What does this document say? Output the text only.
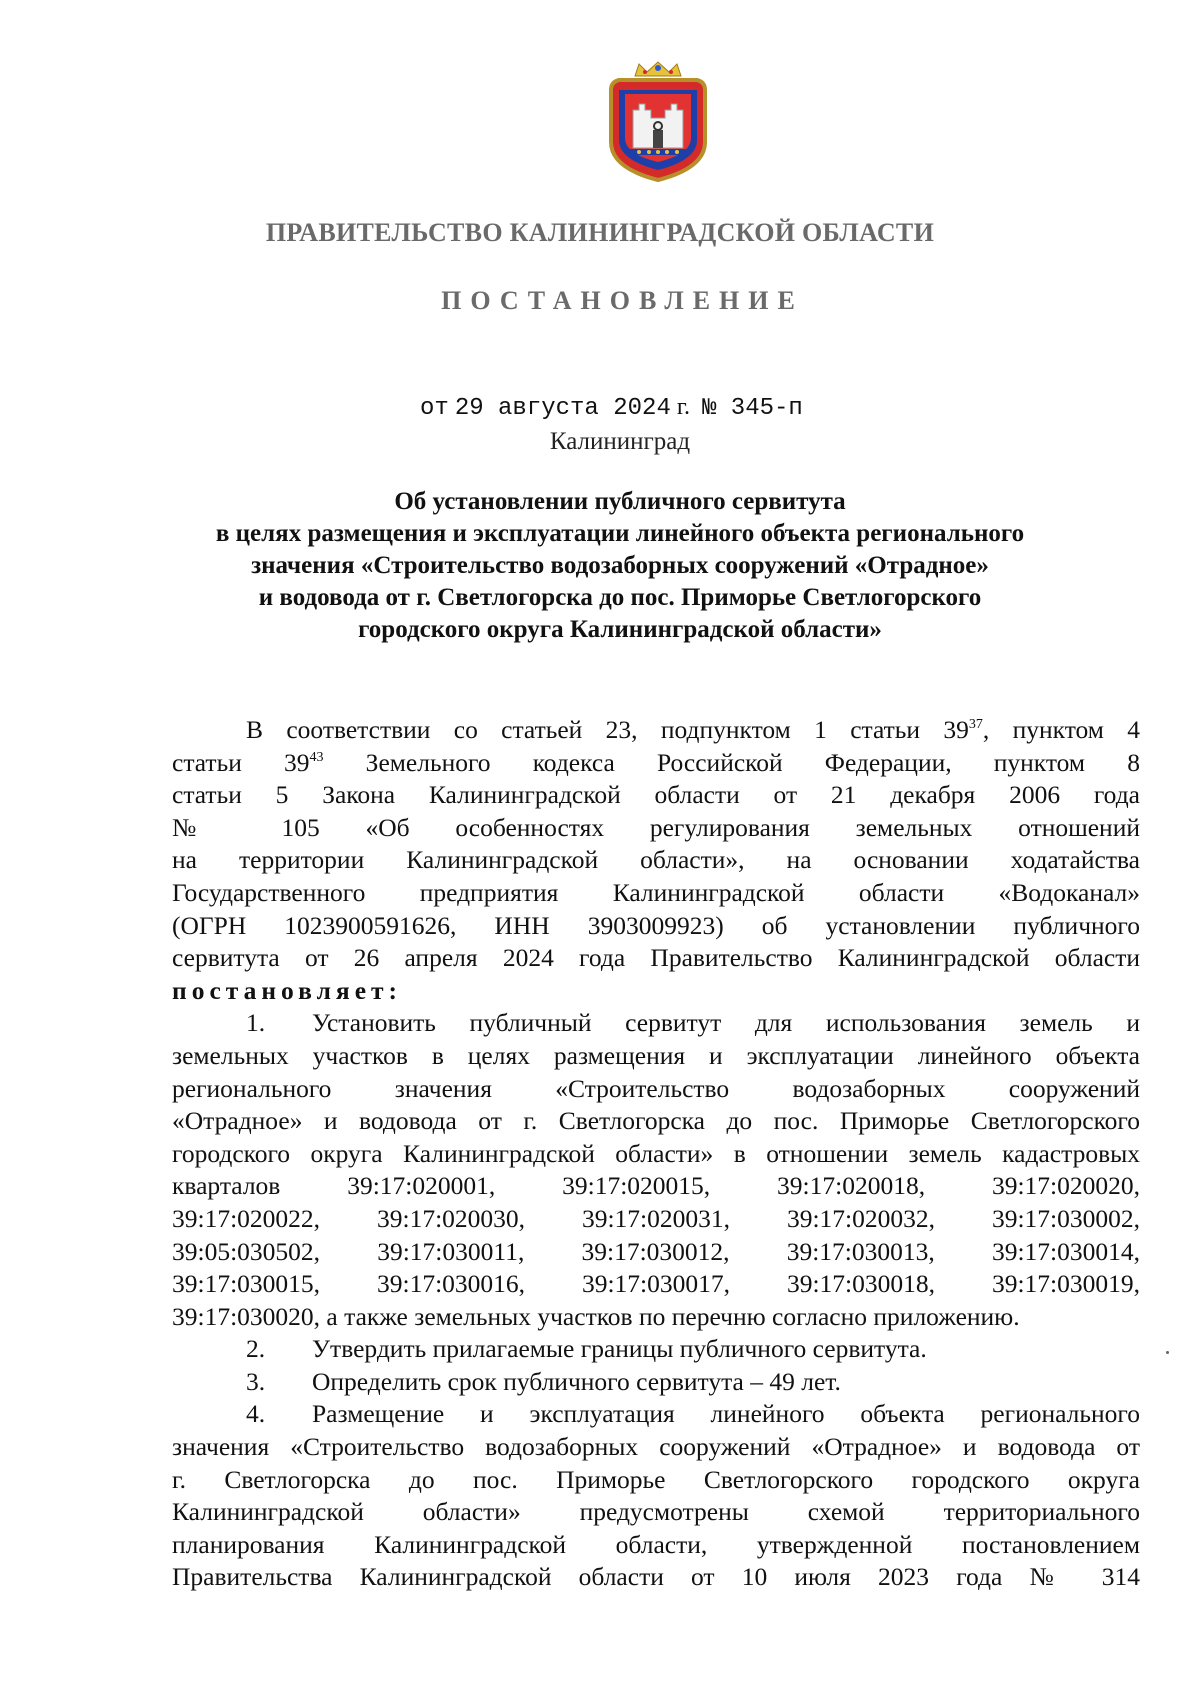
ПРАВИТЕЛЬСТВО КАЛИНИНГРАДСКОЙ ОБЛАСТИ
ПОСТАНОВЛЕНИЕ
от 29 августа 2024 г. № 345-п
Калининград
Об установлении публичного сервитута
в целях размещения и эксплуатации линейного объекта регионального
значения «Строительство водозаборных сооружений «Отрадное»
и водовода от г. Светлогорска до пос. Приморье Светлогорского
городского округа Калининградской области»

В соответствии со статьей 23, подпунктом 1 статьи $39^{37}$, пунктом 4

статьи $39^{43}$ Земельного кодекса Российской Федерации, пунктом 8

статьи 5 Закона Калининградской области от 21 декабря 2006 года

№ 105 «Об особенностях регулирования земельных отношений

на территории Калининградской области», на основании ходатайства

Государственного предприятия Калининградской области «Водоканал»

(ОГРН 1023900591626, ИНН 3903009923) об установлении публичного

сервитута от 26 апреля 2024 года Правительство Калининградской области

постановляет:

1. Установить публичный сервитут для использования земель и

земельных участков в целях размещения и эксплуатации линейного объекта

регионального значения «Строительство водозаборных сооружений

«Отрадное» и водовода от г. Светлогорска до пос. Приморье Светлогорского

городского округа Калининградской области» в отношении земель кадастровых

кварталов 39:17:020001, 39:17:020015, 39:17:020018, 39:17:020020,

39:17:020022, 39:17:020030, 39:17:020031, 39:17:020032, 39:17:030002,

39:05:030502, 39:17:030011, 39:17:030012, 39:17:030013, 39:17:030014,

39:17:030015, 39:17:030016, 39:17:030017, 39:17:030018, 39:17:030019,

39:17:030020, а также земельных участков по перечню согласно приложению.

2. Утвердить прилагаемые границы публичного сервитута.

3. Определить срок публичного сервитута – 49 лет.

4. Размещение и эксплуатация линейного объекта регионального

значения «Строительство водозаборных сооружений «Отрадное» и водовода от

г. Светлогорска до пос. Приморье Светлогорского городского округа

Калининградской области» предусмотрены схемой территориального

планирования Калининградской области, утвержденной постановлением

Правительства Калининградской области от 10 июля 2023 года № 314
